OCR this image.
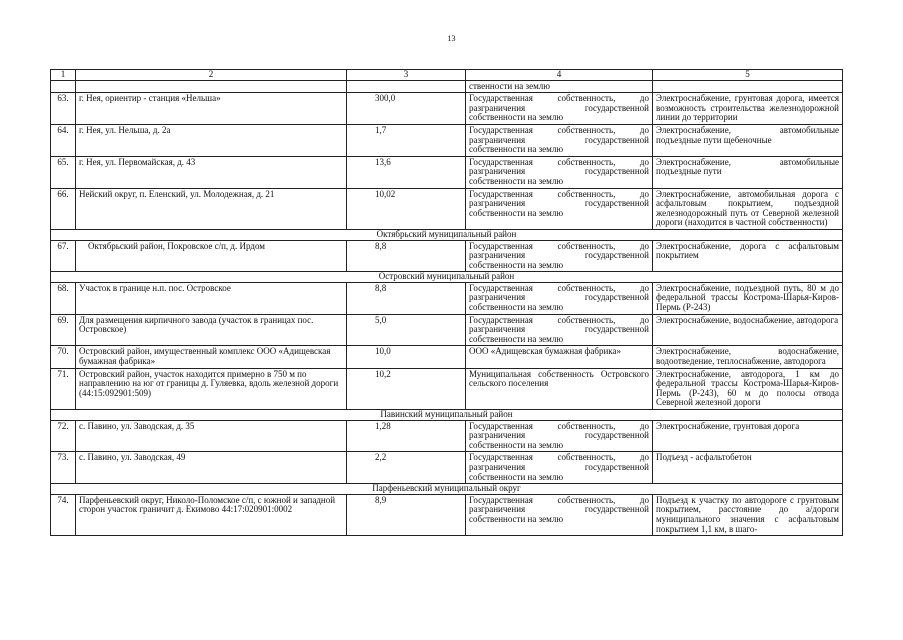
13
1	2	3	4	5
			ственности на землю	
63.	г. Нея, ориентир - станция «Нельша»	300,0	Государственная собственность, до разграничения государственной собственности на землю	Электроснабжение, грунтовая дорога, имеется возможность строительства железнодорожной линии до территории
64.	г. Нея, ул. Нельша, д. 2а	1,7	Государственная собственность, до разграничения государственной собственности на землю	Электроснабжение, автомобильные подъездные пути щебеночные
65.	г. Нея, ул. Первомайская, д. 43	13,6	Государственная собственность, до разграничения государственной собственности на землю	Электроснабжение, автомобильные подъездные пути
66.	Нейский округ, п. Еленский, ул. Молодежная, д. 21	10,02	Государственная собственность, до разграничения государственной собственности на землю	Электроснабжение, автомобильная дорога с асфальтовым покрытием, подъездной железнодорожный путь от Северной железной дороги (находится в частной собственности)
Октябрьский муниципальный район				
67.	Октябрьский район, Покровское с/п, д. Ирдом	8,8	Государственная собственность, до разграничения государственной собственности на землю	Электроснабжение, дорога с асфальтовым покрытием
Островский муниципальный район				
68.	Участок в границе н.п. пос. Островское	8,8	Государственная собственность, до разграничения государственной собственности на землю	Электроснабжение, подъездной путь, 80 м до федеральной трассы Кострома-Шарья-Киров-Пермь (Р-243)
69.	Для размещения кирпичного завода (участок в границах пос. Островское)	5,0	Государственная собственность, до разграничения государственной собственности на землю	Электроснабжение, водоснабжение, автодорога
70.	Островский район, имущественный комплекс ООО «Адищевская бумажная фабрика»	10,0	ООО «Адищевская бумажная фабрика»	Электроснабжение, водоснабжение, водоотведение, теплоснабжение, автодорога
71.	Островский район, участок находится примерно в 750 м по направлению на юг от границы д. Гуляевка, вдоль железной дороги (44:15:092901:509)	10,2	Муниципальная собственность Островского сельского поселения	Электроснабжение, автодорога, 1 км до федеральной трассы Кострома-Шарья-Киров-Пермь (Р-243), 60 м до полосы отвода Северной железной дороги
Павинский муниципальный район				
72.	с. Павино, ул. Заводская, д. 35	1,28	Государственная собственность, до разграничения государственной собственности на землю	Электроснабжение, грунтовая дорога
73.	с. Павино, ул. Заводская, 49	2,2	Государственная собственность, до разграничения государственной собственности на землю	Подъезд - асфальтобетон
Парфеньевский муниципальный округ				
74.	Парфеньевский округ, Николо-Поломское с/п, с южной и западной сторон участок граничит д. Екимово 44:17:020901:0002	8,9	Государственная собственность, до разграничения государственной собственности на землю	Подъезд к участку по автодороге с грунтовым покрытием, расстояние до а/дороги муниципального значения с асфальтовым покрытием 1,1 км, в шаго-
